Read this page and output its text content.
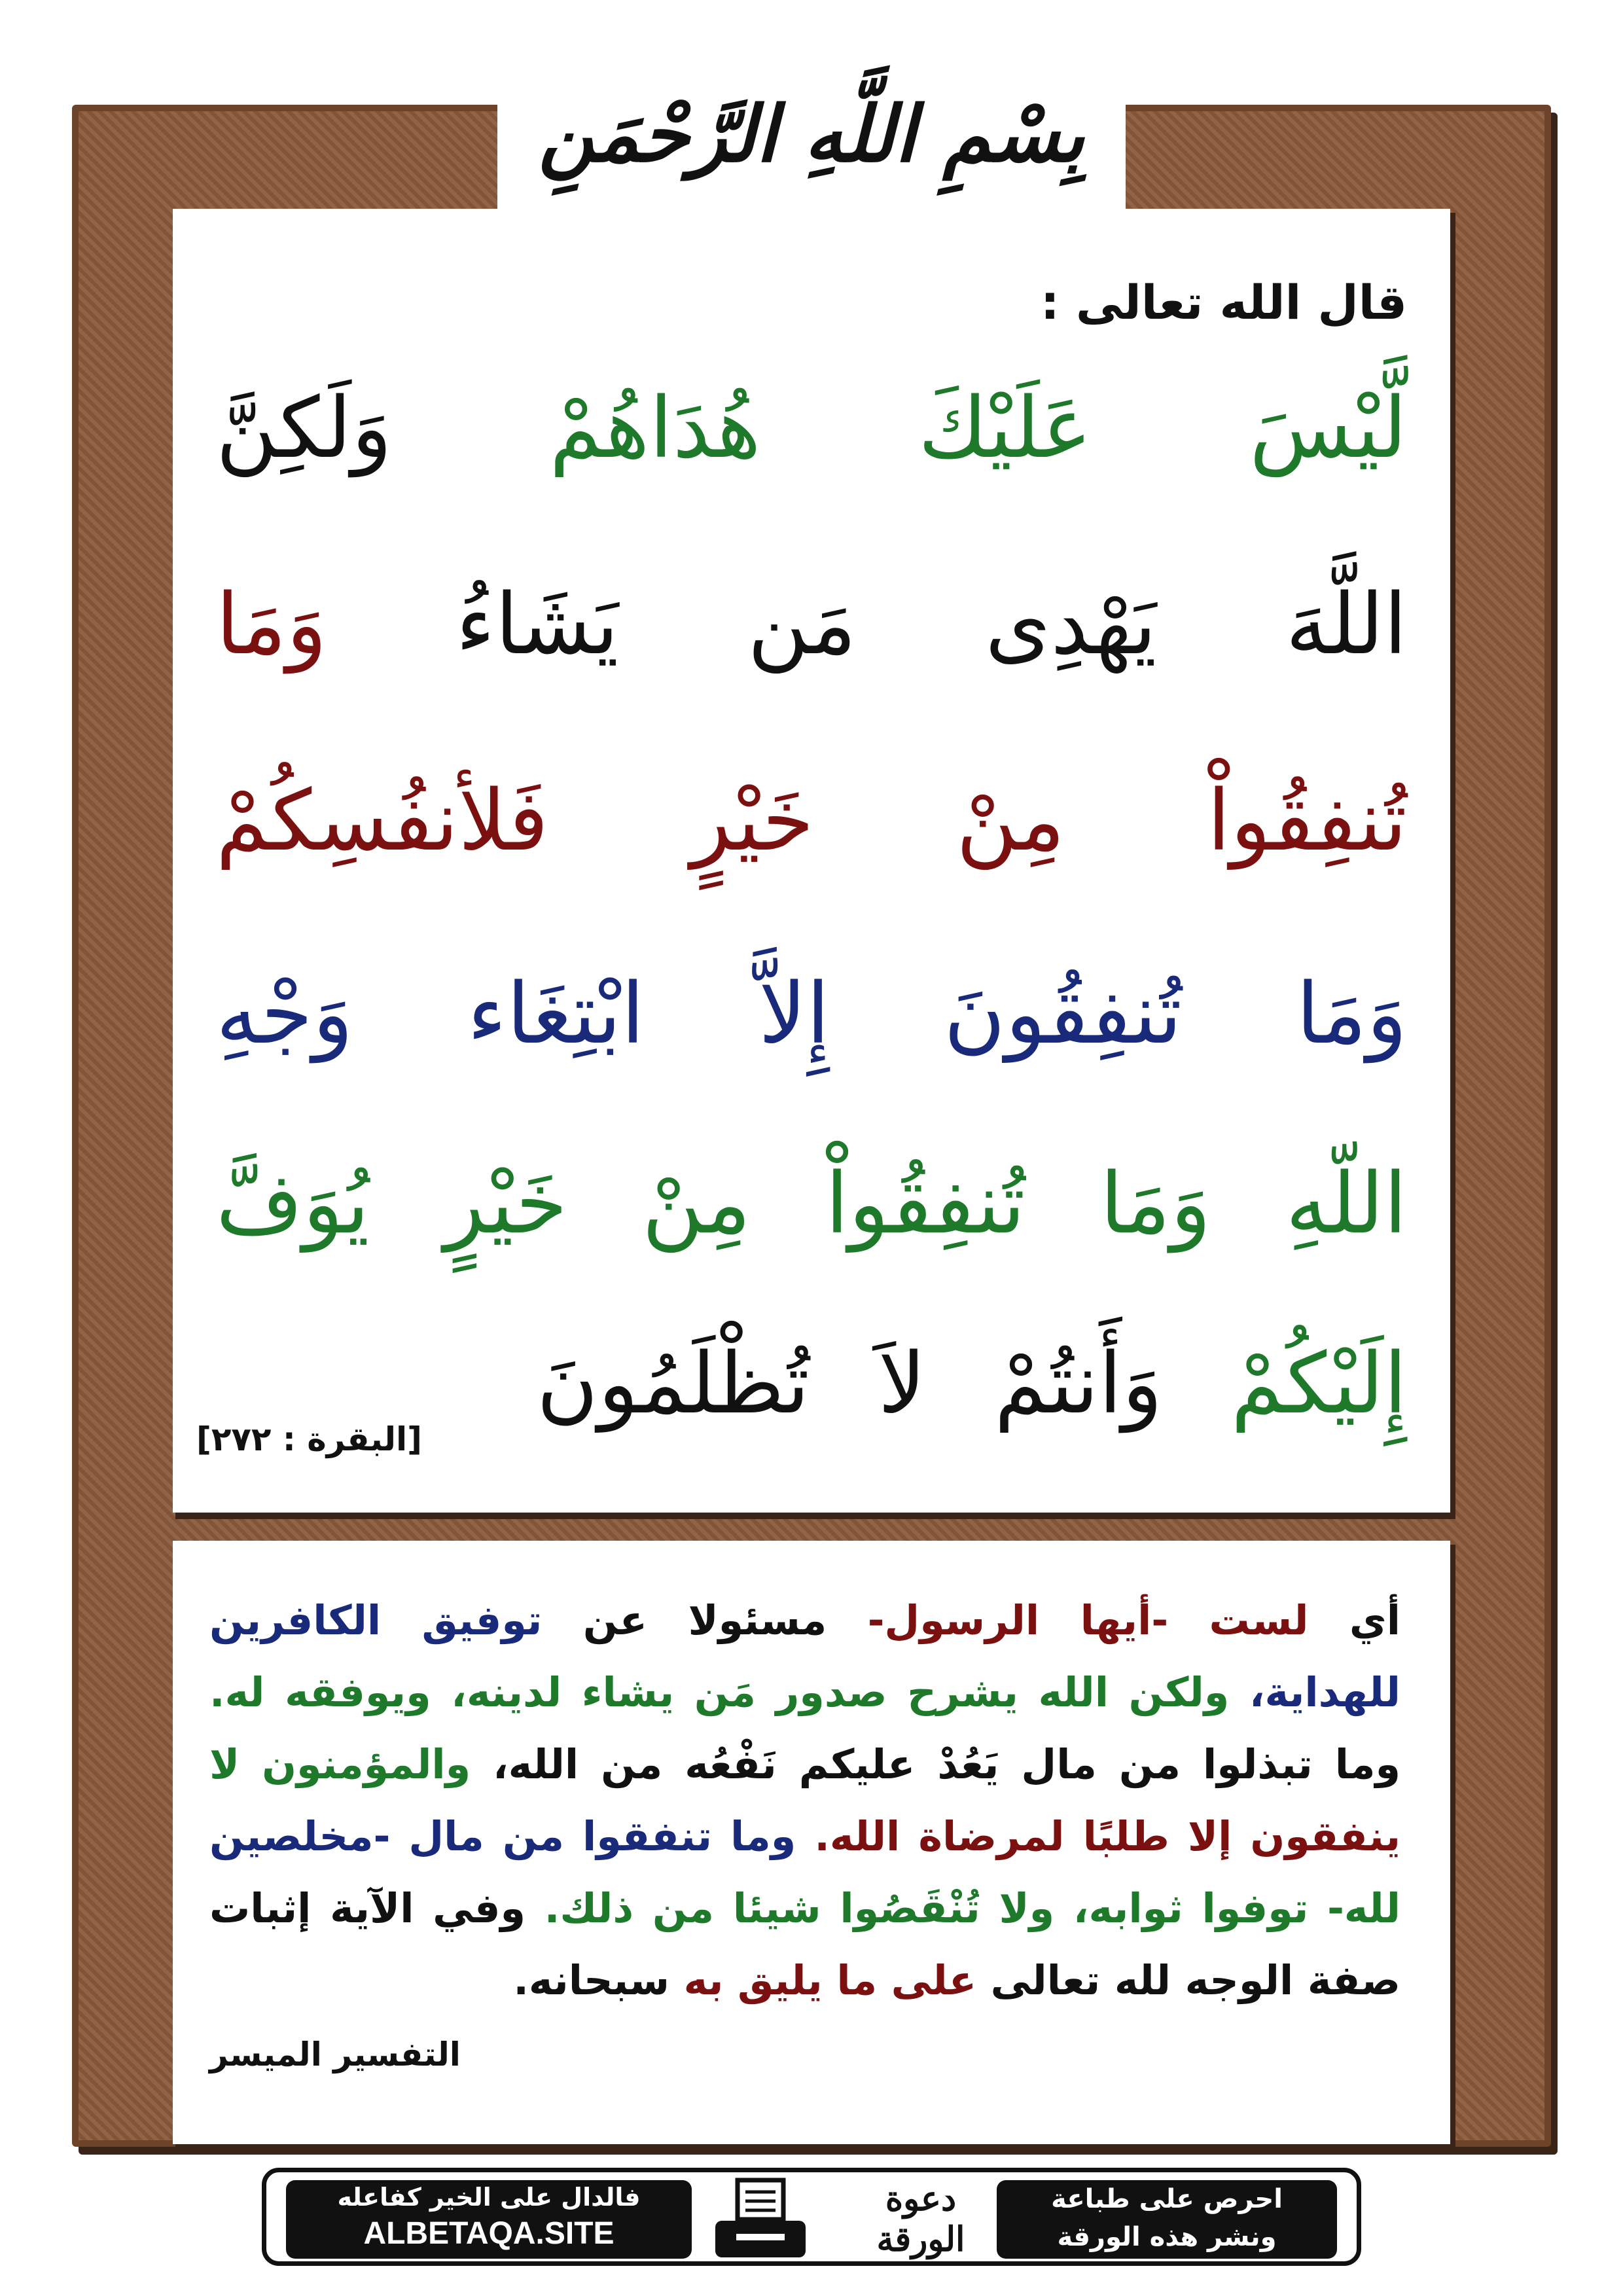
بِسْمِ اللَّهِ الرَّحْمَنِ
قال الله تعالى :
لَّيْسَ عَلَيْكَ هُدَاهُمْ وَلَكِنَّ
اللَّهَ يَهْدِى مَن يَشَاءُ وَمَا
تُنفِقُواْ مِنْ خَيْرٍ فَلأنفُسِكُمْ
وَمَا تُنفِقُونَ إِلاَّ ابْتِغَاء وَجْهِ
اللّهِ وَمَا تُنفِقُواْ مِنْ خَيْرٍ يُوَفَّ
إِلَيْكُمْ وَأَنتُمْ لاَ تُظْلَمُونَ
[البقرة : ٢٧٢]
أي لست -أيها الرسول- مسئولا عن توفيق الكافرين
للهداية، ولكن الله يشرح صدور مَن يشاء لدينه، ويوفقه له.
وما تبذلوا من مال يَعُدْ عليكم نَفْعُه من الله، والمؤمنون لا
ينفقون إلا طلبًا لمرضاة الله. وما تنفقوا من مال -مخلصين
لله- توفوا ثوابه، ولا تُنْقَصُوا شيئا من ذلك. وفي الآية إثبات
صفة الوجه لله تعالى على ما يليق به سبحانه.
التفسير الميسر
فالدال على الخير كفاعله
ALBETAQA.SITE
دعوة
الورقة
احرص على طباعة
ونشر هذه الورقة
